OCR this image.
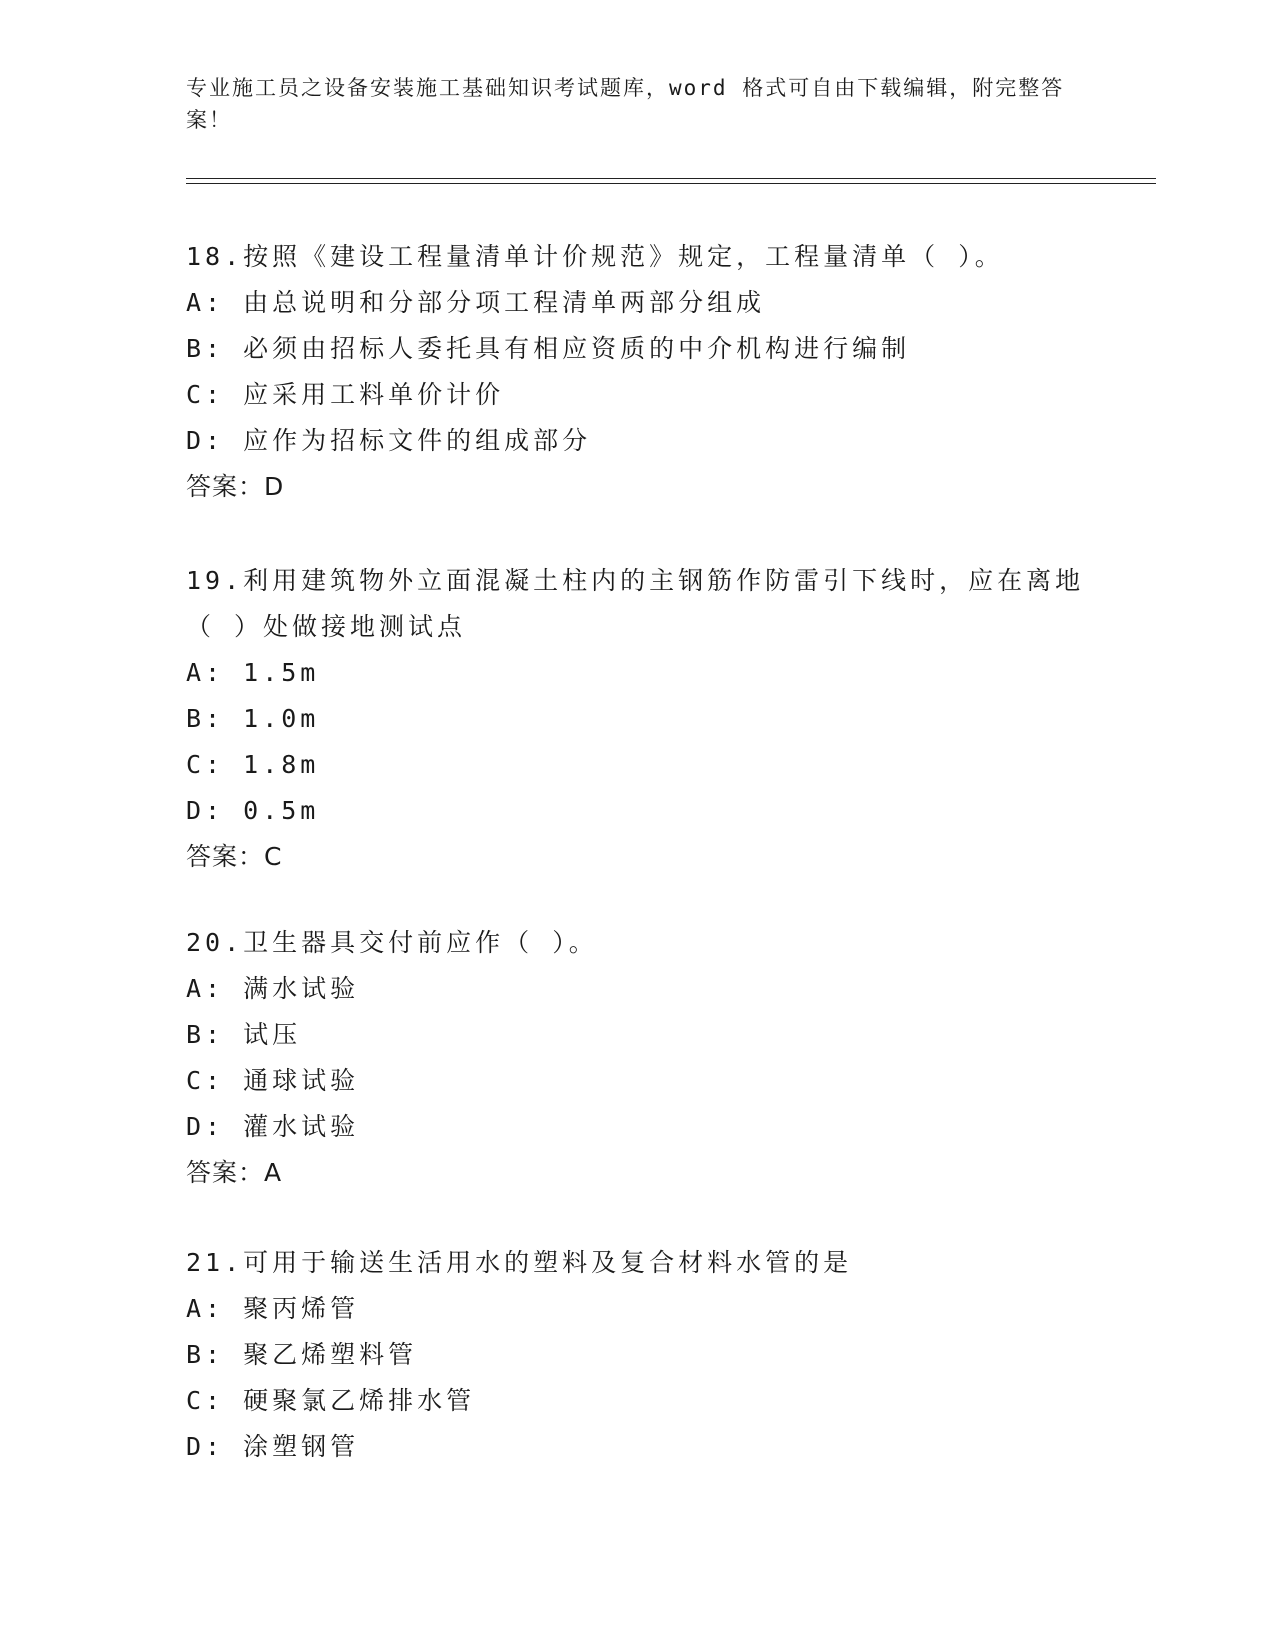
专业施工员之设备安装施工基础知识考试题库，word 格式可自由下载编辑，附完整答案！

18.按照《建设工程量清单计价规范》规定，工程量清单（ ）。

A: 由总说明和分部分项工程清单两部分组成

B: 必须由招标人委托具有相应资质的中介机构进行编制

C: 应采用工料单价计价

D: 应作为招标文件的组成部分

答案：D

19.利用建筑物外立面混凝土柱内的主钢筋作防雷引下线时，应在离地（ ）处做接地测试点

A: 1.5m

B: 1.0m

C: 1.8m

D: 0.5m

答案：C

20.卫生器具交付前应作（ ）。

A: 满水试验

B: 试压

C: 通球试验

D: 灌水试验

答案：A

21.可用于输送生活用水的塑料及复合材料水管的是

A: 聚丙烯管

B: 聚乙烯塑料管

C: 硬聚氯乙烯排水管

D: 涂塑钢管
